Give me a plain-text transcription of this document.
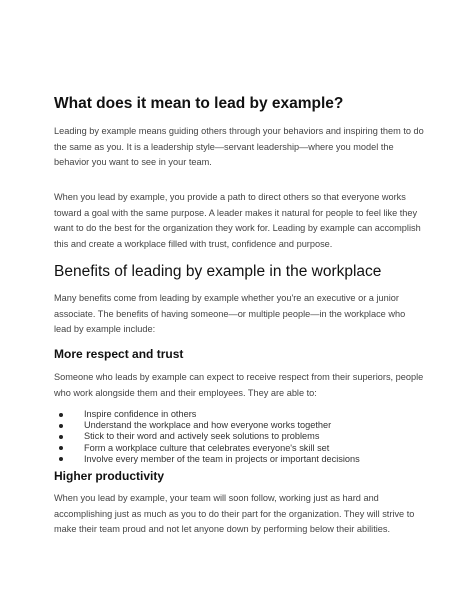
What does it mean to lead by example?

Leading by example means guiding others through your behaviors and inspiring them to do the same as you. It is a leadership style—servant leadership—where you model the behavior you want to see in your team.

When you lead by example, you provide a path to direct others so that everyone works toward a goal with the same purpose. A leader makes it natural for people to feel like they want to do the best for the organization they work for. Leading by example can accomplish this and create a workplace filled with trust, confidence and purpose.

Benefits of leading by example in the workplace

Many benefits come from leading by example whether you're an executive or a junior associate. The benefits of having someone—or multiple people—in the workplace who lead by example include:

More respect and trust

Someone who leads by example can expect to receive respect from their superiors, people who work alongside them and their employees. They are able to:

Inspire confidence in others
Understand the workplace and how everyone works together
Stick to their word and actively seek solutions to problems
Form a workplace culture that celebrates everyone's skill set
Involve every member of the team in projects or important decisions
Higher productivity

When you lead by example, your team will soon follow, working just as hard and accomplishing just as much as you to do their part for the organization. They will strive to make their team proud and not let anyone down by performing below their abilities.
